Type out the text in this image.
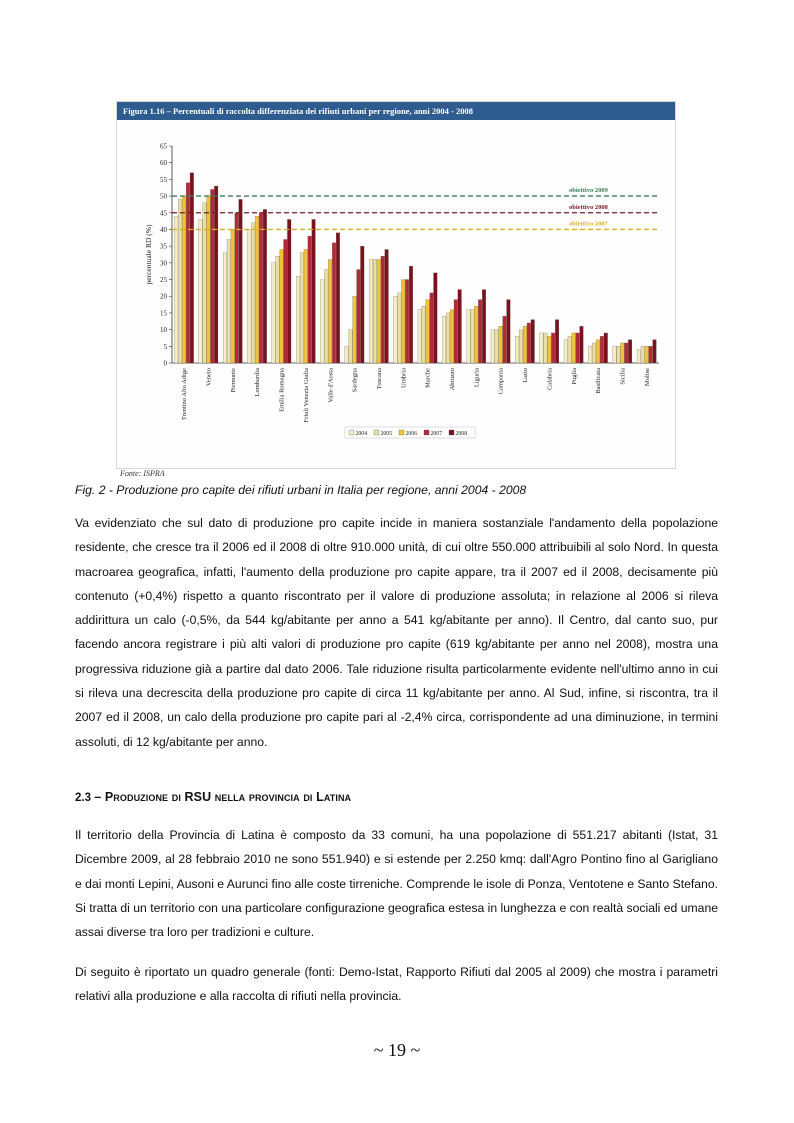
Figura 1.16 – Percentuali di raccolta differenziata dei rifiuti urbani per regione, anni 2004 - 2008
0
5
10
15
20
25
30
35
40
45
50
55
60
65
percentuale RD (%)
Trentino Alto Adige	Veneto	Piemonte	Lombardia	Emilia Romagna	Friuli Venezia Giulia	Valle d'Aosta	Sardegna	Toscana	Umbria	Marche	Abruzzo	Liguria	Campania	Lazio	Calabria	Puglia	Basilicata	Sicilia	Molise
obiettivo 2009
obiettivo 2008
obiettivo 2007
2004 2005 2006 2007 2008
Fonte: ISPRA
Fig. 2 - Produzione pro capite dei rifiuti urbani in Italia per regione, anni 2004 - 2008

Va evidenziato che sul dato di produzione pro capite incide in maniera sostanziale l'andamento della popolazione residente, che cresce tra il 2006 ed il 2008 di oltre 910.000 unità, di cui oltre 550.000 attribuibili al solo Nord. In questa macroarea geografica, infatti, l'aumento della produzione pro capite appare, tra il 2007 ed il 2008, decisamente più contenuto (+0,4%) rispetto a quanto riscontrato per il valore di produzione assoluta; in relazione al 2006 si rileva addirittura un calo (-0,5%, da 544 kg/abitante per anno a 541 kg/abitante per anno). Il Centro, dal canto suo, pur facendo ancora registrare i più alti valori di produzione pro capite (619 kg/abitante per anno nel 2008), mostra una progressiva riduzione già a partire dal dato 2006. Tale riduzione risulta particolarmente evidente nell'ultimo anno in cui si rileva una decrescita della produzione pro capite di circa 11 kg/abitante per anno. Al Sud, infine, si riscontra, tra il 2007 ed il 2008, un calo della produzione pro capite pari al -2,4% circa, corrispondente ad una diminuzione, in termini assoluti, di 12 kg/abitante per anno.

2.3 – Produzione di RSU nella provincia di Latina

Il territorio della Provincia di Latina è composto da 33 comuni, ha una popolazione di 551.217 abitanti (Istat, 31 Dicembre 2009, al 28 febbraio 2010 ne sono 551.940) e si estende per 2.250 kmq: dall'Agro Pontino fino al Garigliano e dai monti Lepini, Ausoni e Aurunci fino alle coste tirreniche. Comprende le isole di Ponza, Ventotene e Santo Stefano. Si tratta di un territorio con una particolare configurazione geografica estesa in lunghezza e con realtà sociali ed umane assai diverse tra loro per tradizioni e culture.

Di seguito è riportato un quadro generale (fonti: Demo-Istat, Rapporto Rifiuti dal 2005 al 2009) che mostra i parametri relativi alla produzione e alla raccolta di rifiuti nella provincia.

~ 19 ~
